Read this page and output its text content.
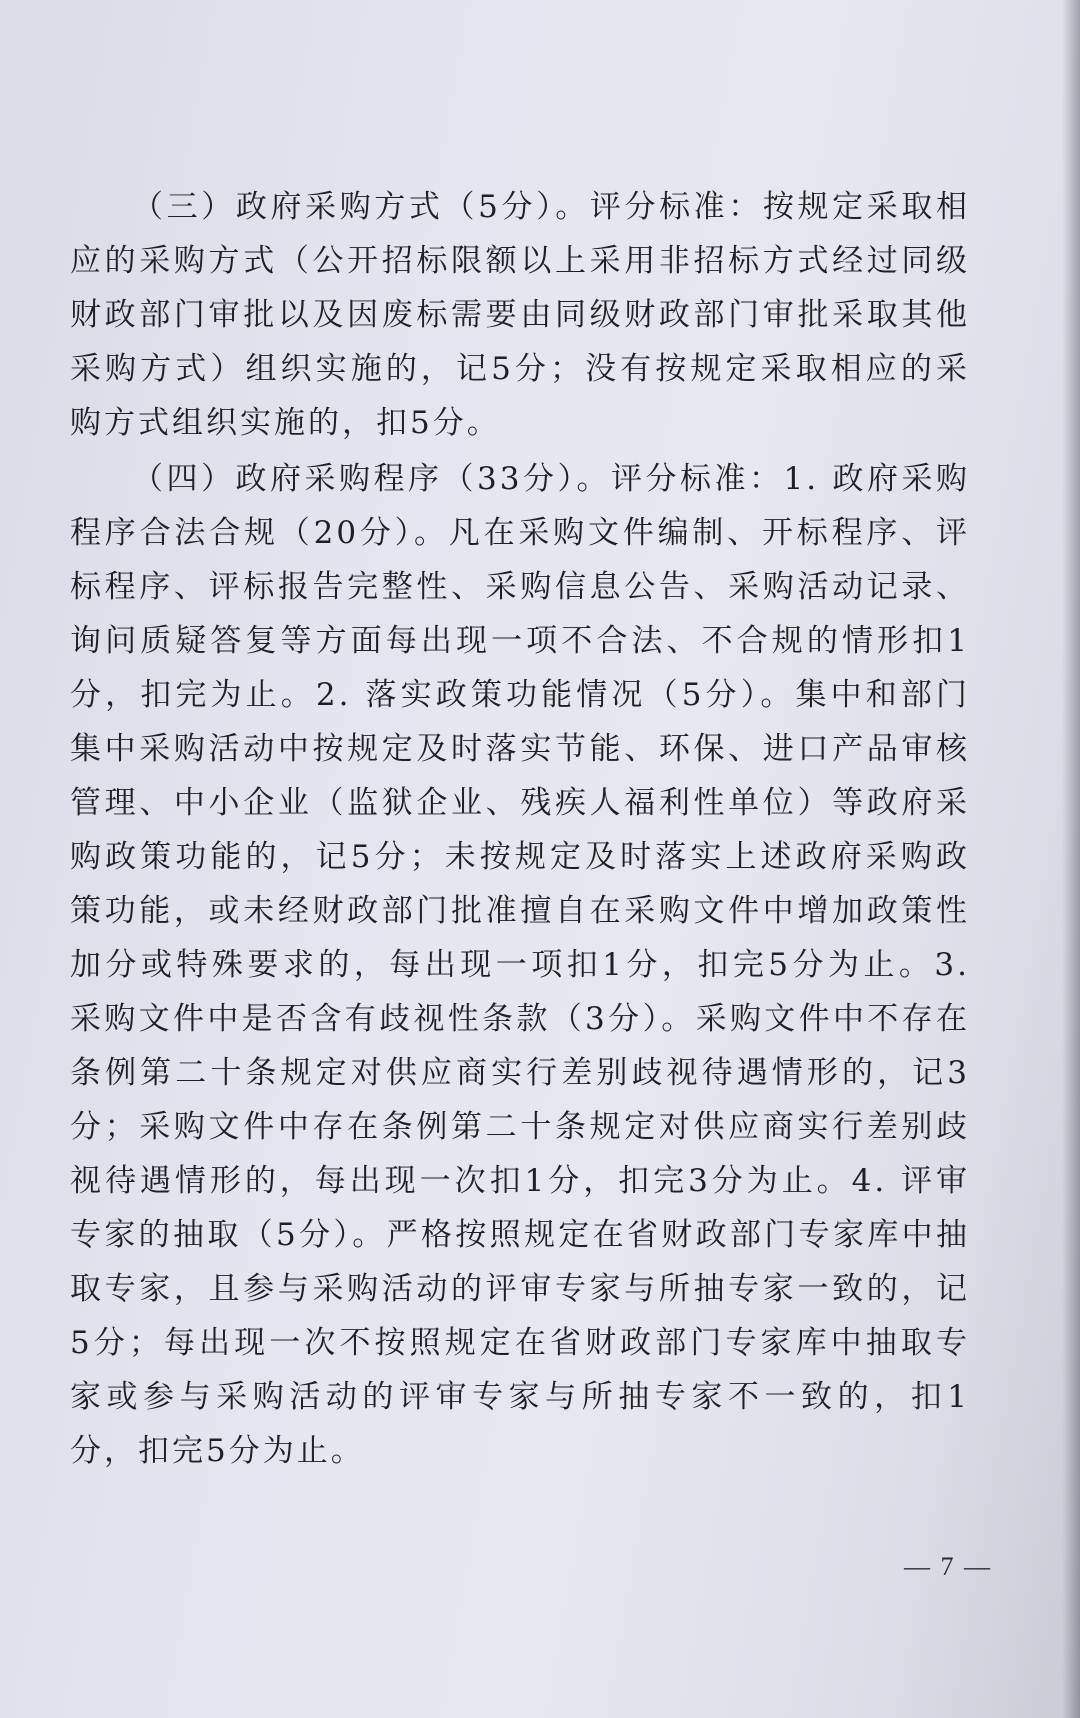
（三）政府采购方式（5分）。评分标准：按规定采取相应的采购方式（公开招标限额以上采用非招标方式经过同级财政部门审批以及因废标需要由同级财政部门审批采取其他采购方式）组织实施的，记5分；没有按规定采取相应的采购方式组织实施的，扣5分。

（四）政府采购程序（33分）。评分标准：1. 政府采购程序合法合规（20分）。凡在采购文件编制、开标程序、评标程序、评标报告完整性、采购信息公告、采购活动记录、询问质疑答复等方面每出现一项不合法、不合规的情形扣1分，扣完为止。2. 落实政策功能情况（5分）。集中和部门集中采购活动中按规定及时落实节能、环保、进口产品审核管理、中小企业（监狱企业、残疾人福利性单位）等政府采购政策功能的，记5分；未按规定及时落实上述政府采购政策功能，或未经财政部门批准擅自在采购文件中增加政策性加分或特殊要求的，每出现一项扣1分，扣完5分为止。3. 采购文件中是否含有歧视性条款（3分）。采购文件中不存在条例第二十条规定对供应商实行差别歧视待遇情形的，记3分；采购文件中存在条例第二十条规定对供应商实行差别歧视待遇情形的，每出现一次扣1分，扣完3分为止。4. 评审专家的抽取（5分）。严格按照规定在省财政部门专家库中抽取专家，且参与采购活动的评审专家与所抽专家一致的，记5分；每出现一次不按照规定在省财政部门专家库中抽取专家或参与采购活动的评审专家与所抽专家不一致的，扣1分，扣完5分为止。

— 7 —
